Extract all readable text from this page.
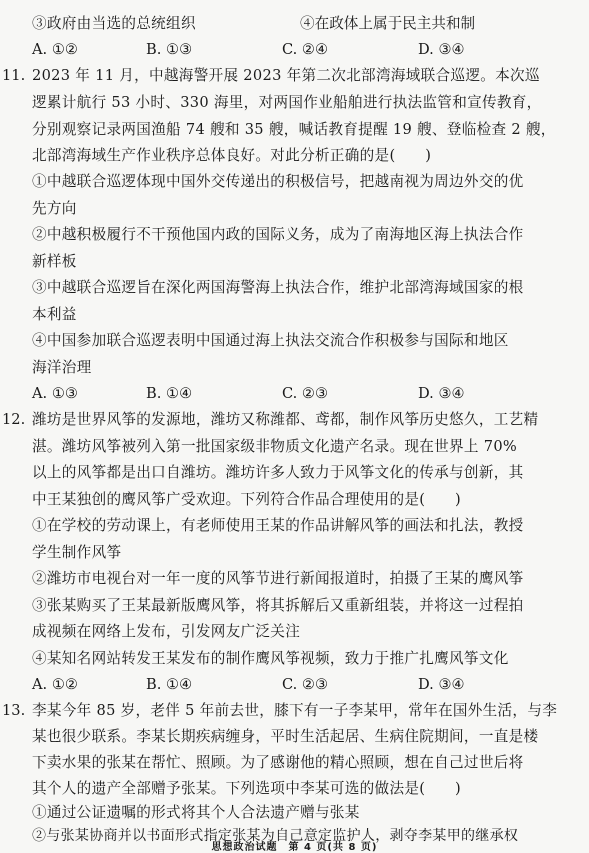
③政府由当选的总统组织	④在政体上属于民主共和制
A. ①②	B. ①③	C. ②④	D. ③④
11. 2023 年 11 月，中越海警开展 2023 年第二次北部湾海域联合巡逻。本次巡
逻累计航行 53 小时、330 海里，对两国作业船舶进行执法监管和宣传教育，
分别观察记录两国渔船 74 艘和 35 艘，喊话教育提醒 19 艘、登临检查 2 艘，
北部湾海域生产作业秩序总体良好。对此分析正确的是(　　)
①中越联合巡逻体现中国外交传递出的积极信号，把越南视为周边外交的优
先方向
②中越积极履行不干预他国内政的国际义务，成为了南海地区海上执法合作
新样板
③中越联合巡逻旨在深化两国海警海上执法合作，维护北部湾海域国家的根
本利益
④中国参加联合巡逻表明中国通过海上执法交流合作积极参与国际和地区
海洋治理
A. ①③	B. ①④	C. ②③	D. ③④
12. 潍坊是世界风筝的发源地，潍坊又称潍都、鸢都，制作风筝历史悠久，工艺精
湛。潍坊风筝被列入第一批国家级非物质文化遗产名录。现在世界上 70%
以上的风筝都是出口自潍坊。潍坊许多人致力于风筝文化的传承与创新，其
中王某独创的鹰风筝广受欢迎。下列符合作品合理使用的是(　　)
①在学校的劳动课上，有老师使用王某的作品讲解风筝的画法和扎法，教授
学生制作风筝
②潍坊市电视台对一年一度的风筝节进行新闻报道时，拍摄了王某的鹰风筝
③张某购买了王某最新版鹰风筝，将其拆解后又重新组装，并将这一过程拍
成视频在网络上发布，引发网友广泛关注
④某知名网站转发王某发布的制作鹰风筝视频，致力于推广扎鹰风筝文化
A. ①②	B. ①④	C. ②③	D. ③④
13. 李某今年 85 岁，老伴 5 年前去世，膝下有一子李某甲，常年在国外生活，与李
某也很少联系。李某长期疾病缠身，平时生活起居、生病住院期间，一直是楼
下卖水果的张某在帮忙、照顾。为了感谢他的精心照顾，想在自己过世后将
其个人的遗产全部赠予张某。下列选项中李某可选的做法是(　　)
①通过公证遗嘱的形式将其个人合法遗产赠与张某
②与张某协商并以书面形式指定张某为自己意定监护人，剥夺李某甲的继承权
思想政治试题　第 4 页(共 8 页)
